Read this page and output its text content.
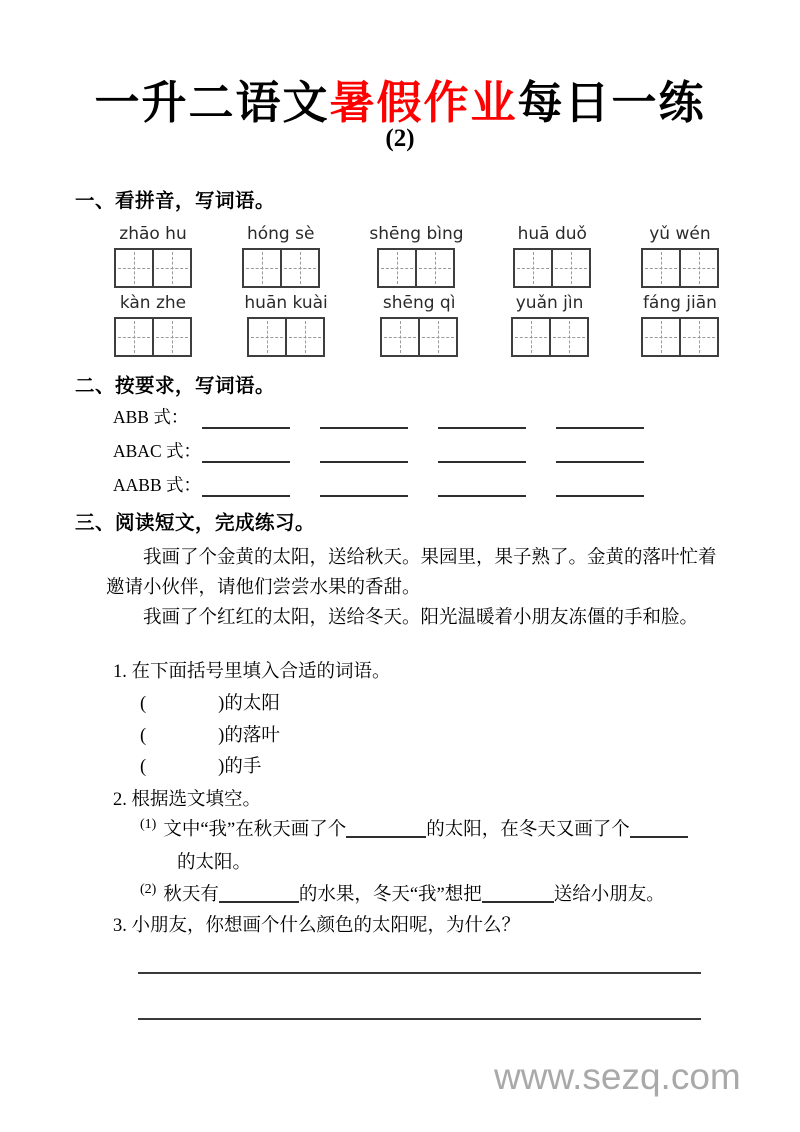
一升二语文暑假作业每日一练
(2)
一、看拼音，写词语。
zhāo hu	hóng sè	shēng bìng	huā duǒ	yǔ wén
kàn zhe	huān kuài	shēng qì	yuǎn jìn	fáng jiān
二、按要求，写词语。
ABB 式：
ABAC 式：
AABB 式：
三、阅读短文，完成练习。

我画了个金黄的太阳，送给秋天。果园里，果子熟了。金黄的落叶忙着邀请小伙伴，请他们尝尝水果的香甜。

我画了个红红的太阳，送给冬天。阳光温暖着小朋友冻僵的手和脸。

1. 在下面括号里填入合适的词语。
(	)的太阳
(	)的落叶
(	)的手
2. 根据选文填空。
$^{(1)}$ 文中“我”在秋天画了个	的太阳，在冬天又画了个
的太阳。
$^{(2)}$ 秋天有	的水果，冬天“我”想把	送给小朋友。
3. 小朋友，你想画个什么颜色的太阳呢，为什么？
www.sezq.com
